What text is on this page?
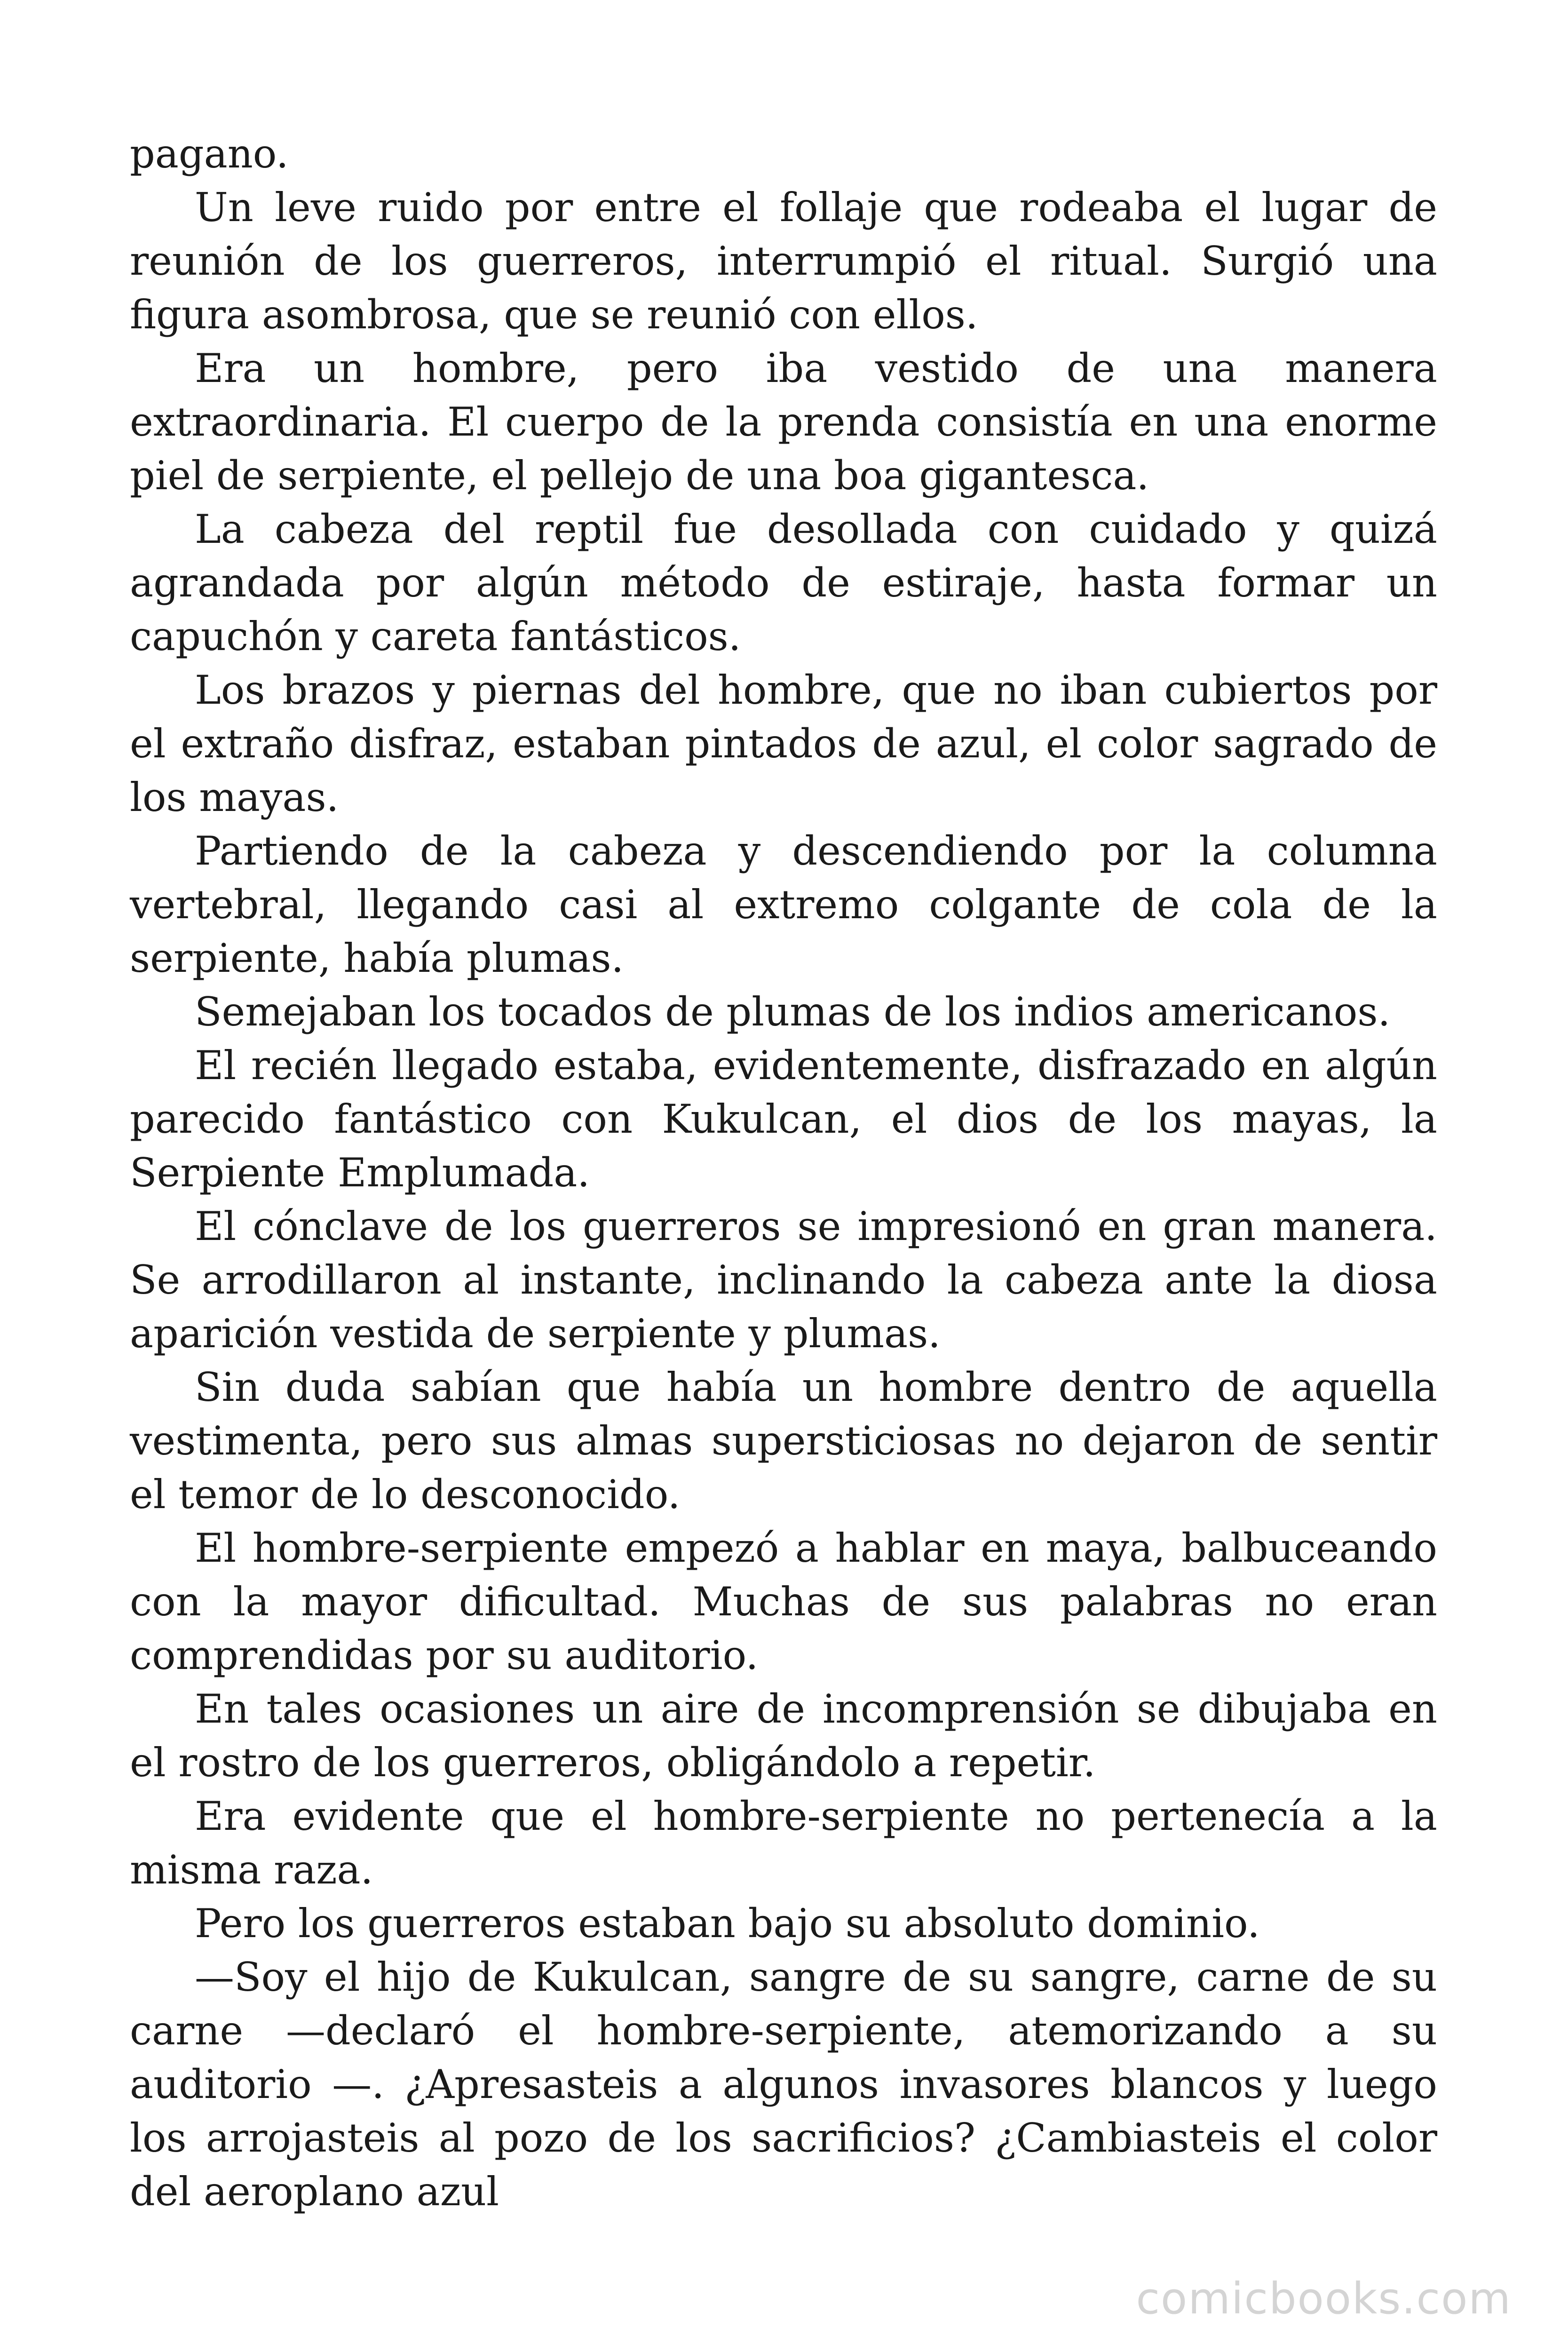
pagano.

Un leve ruido por entre el follaje que rodeaba el lugar de reunión de los guerreros, interrumpió el ritual. Surgió una figura asombrosa, que se reunió con ellos.

Era un hombre, pero iba vestido de una manera extraordinaria. El cuerpo de la prenda consistía en una enorme piel de serpiente, el pellejo de una boa gigantesca.

La cabeza del reptil fue desollada con cuidado y quizá agrandada por algún método de estiraje, hasta formar un capuchón y careta fantásticos.

Los brazos y piernas del hombre, que no iban cubiertos por el extraño disfraz, estaban pintados de azul, el color sagrado de los mayas.

Partiendo de la cabeza y descendiendo por la columna vertebral, llegando casi al extremo colgante de cola de la serpiente, había plumas.

Semejaban los tocados de plumas de los indios americanos.

El recién llegado estaba, evidentemente, disfrazado en algún parecido fantástico con Kukulcan, el dios de los mayas, la Serpiente Emplumada.

El cónclave de los guerreros se impresionó en gran manera. Se arrodillaron al instante, inclinando la cabeza ante la diosa aparición vestida de serpiente y plumas.

Sin duda sabían que había un hombre dentro de aquella vestimenta, pero sus almas supersticiosas no dejaron de sentir el temor de lo desconocido.

El hombre-serpiente empezó a hablar en maya, balbuceando con la mayor dificultad. Muchas de sus palabras no eran comprendidas por su auditorio.

En tales ocasiones un aire de incomprensión se dibujaba en el rostro de los guerreros, obligándolo a repetir.

Era evidente que el hombre-serpiente no pertenecía a la misma raza.

Pero los guerreros estaban bajo su absoluto dominio.

—Soy el hijo de Kukulcan, sangre de su sangre, carne de su carne —declaró el hombre-serpiente, atemorizando a su auditorio —. ¿Apresasteis a algunos invasores blancos y luego los arrojasteis al pozo de los sacrificios? ¿Cambiasteis el color del aeroplano azul

comicbooks.com
